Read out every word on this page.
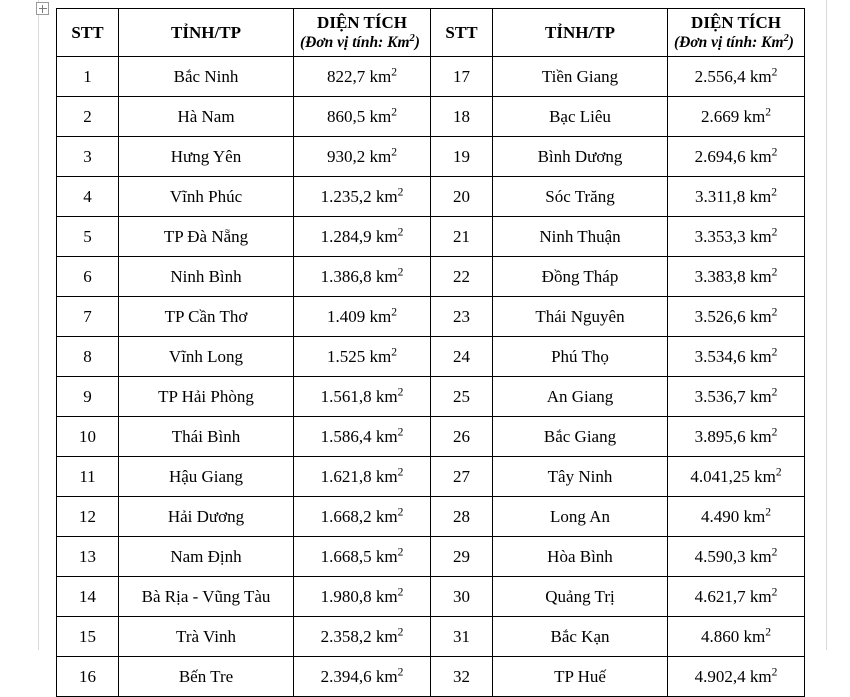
STT	TỈNH/TP	DIỆN TÍCH
(Đơn vị tính: Km$^2$)	STT	TỈNH/TP	DIỆN TÍCH
(Đơn vị tính: Km$^2$)

1	Bắc Ninh	822,7 $km^2$	17	Tiền Giang	2.556,4 $km^2$
2	Hà Nam	860,5 $km^2$	18	Bạc Liêu	2.669 $km^2$
3	Hưng Yên	930,2 $km^2$	19	Bình Dương	2.694,6 $km^2$
4	Vĩnh Phúc	1.235,2 $km^2$	20	Sóc Trăng	3.311,8 $km^2$
5	TP Đà Nẵng	1.284,9 $km^2$	21	Ninh Thuận	3.353,3 $km^2$
6	Ninh Bình	1.386,8 $km^2$	22	Đồng Tháp	3.383,8 $km^2$
7	TP Cần Thơ	1.409 $km^2$	23	Thái Nguyên	3.526,6 $km^2$
8	Vĩnh Long	1.525 $km^2$	24	Phú Thọ	3.534,6 $km^2$
9	TP Hải Phòng	1.561,8 $km^2$	25	An Giang	3.536,7 $km^2$
10	Thái Bình	1.586,4 $km^2$	26	Bắc Giang	3.895,6 $km^2$
11	Hậu Giang	1.621,8 $km^2$	27	Tây Ninh	4.041,25 $km^2$
12	Hải Dương	1.668,2 $km^2$	28	Long An	4.490 $km^2$
13	Nam Định	1.668,5 $km^2$	29	Hòa Bình	4.590,3 $km^2$
14	Bà Rịa - Vũng Tàu	1.980,8 $km^2$	30	Quảng Trị	4.621,7 $km^2$
15	Trà Vinh	2.358,2 $km^2$	31	Bắc Kạn	4.860 $km^2$
16	Bến Tre	2.394,6 $km^2$	32	TP Huế	4.902,4 $km^2$
